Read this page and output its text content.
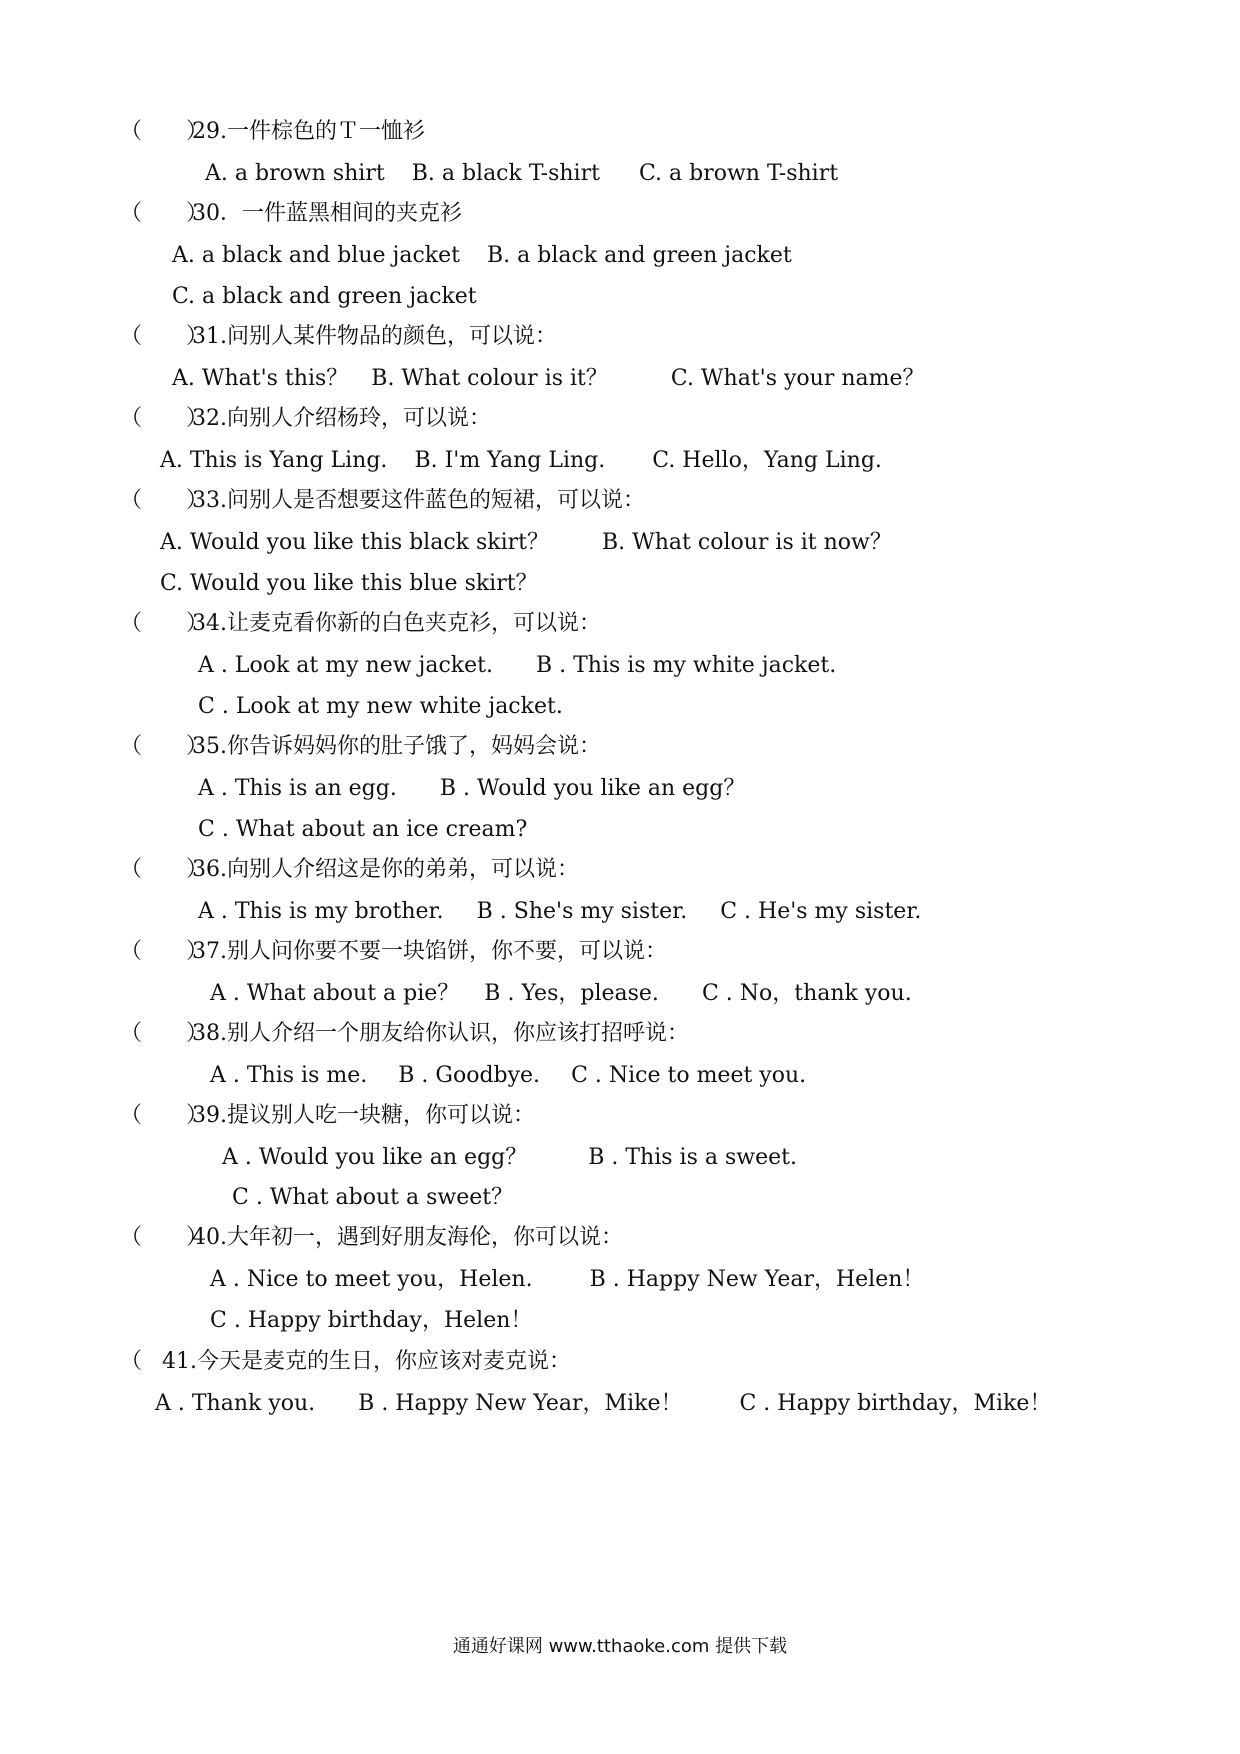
（　　）29.一件棕色的Ｔ一恤衫
A. a brown shirt B. a black T-shirt C. a brown T-shirt
（　　）30．一件蓝黑相间的夹克衫
A. a black and blue jacket B. a black and green jacket
C. a black and green jacket
（　　）31.问别人某件物品的颜色，可以说：
A. What's this？ B. What colour is it？	C. What's your name？
（　　）32.向别人介绍杨玲，可以说：
A. This is Yang Ling. B. I'm Yang Ling. C. Hello，Yang Ling.
（　　）33.问别人是否想要这件蓝色的短裙，可以说：
A. Would you like this black skirt？ B. What colour is it now？
C. Would you like this blue skirt？
（　　）34.让麦克看你新的白色夹克衫，可以说：
A . Look at my new jacket. B . This is my white jacket.
C . Look at my new white jacket.
（　　）35.你告诉妈妈你的肚子饿了，妈妈会说：
A . This is an egg. B . Would you like an egg？
C . What about an ice cream?
（　　）36.向别人介绍这是你的弟弟，可以说：
A . This is my brother. B . She's my sister. C . He's my sister.
（　　）37.别人问你要不要一块馅饼，你不要，可以说：
A . What about a pie？ B . Yes，please. C . No，thank you.
（　　）38.别人介绍一个朋友给你认识，你应该打招呼说：
A . This is me. B . Goodbye. C . Nice to meet you.
（　　）39.提议别人吃一块糖，你可以说：
A . Would you like an egg？	B . This is a sweet.
C . What about a sweet？
（　　）40.大年初一，遇到好朋友海伦，你可以说：
A . Nice to meet you，Helen.	B . Happy New Year，Helen！
C . Happy birthday，Helen！
（ 41.今天是麦克的生日，你应该对麦克说：
A . Thank you. B . Happy New Year，Mike！	C . Happy birthday，Mike！
通通好课网 www.tthaoke.com 提供下载
